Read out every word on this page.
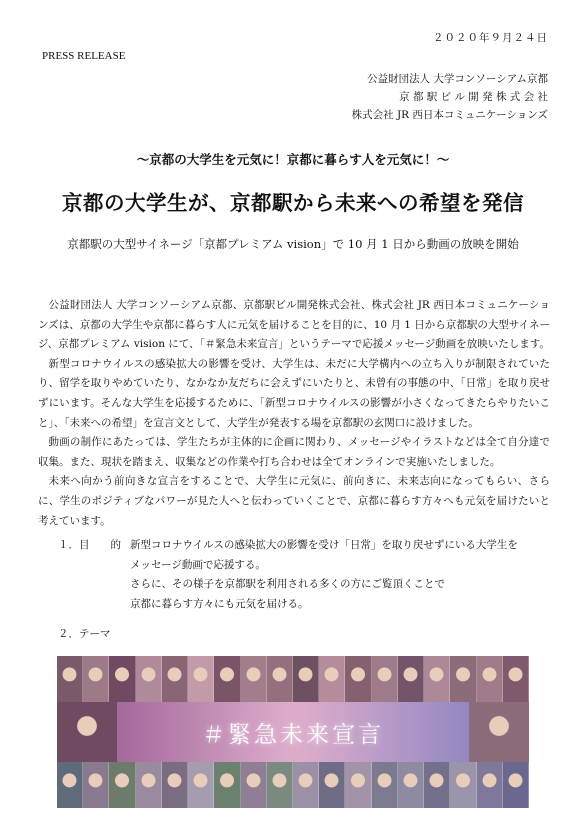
２０２０年９月２４日
PRESS RELEASE
公益財団法人 大学コンソーシアム京都
京 都 駅 ビ ル 開 発 株 式 会 社
株式会社 JR 西日本コミュニケーションズ
～京都の大学生を元気に！京都に暮らす人を元気に！～
京都の大学生が、京都駅から未来への希望を発信
京都駅の大型サイネージ「京都プレミアム vision」で 10 月 1 日から動画の放映を開始

公益財団法人 大学コンソーシアム京都、京都駅ビル開発株式会社、株式会社 JR 西日本コミュニケーションズは、京都の大学生や京都に暮らす人に元気を届けることを目的に、10 月 1 日から京都駅の大型サイネージ、京都プレミアム vision にて、「＃緊急未来宣言」というテーマで応援メッセージ動画を放映いたします。

新型コロナウイルスの感染拡大の影響を受け、大学生は、未だに大学構内への立ち入りが制限されていたり、留学を取りやめていたり、なかなか友だちに会えずにいたりと、未曾有の事態の中、「日常」を取り戻せずにいます。そんな大学生を応援するために、「新型コロナウイルスの影響が小さくなってきたらやりたいこと」、「未来への希望」を宣言文として、大学生が発表する場を京都駅の玄関口に設けました。

動画の制作にあたっては、学生たちが主体的に企画に関わり、メッセージやイラストなどは全て自分達で収集。また、現状を踏まえ、収集などの作業や打ち合わせは全てオンラインで実施いたしました。

未来へ向かう前向きな宣言をすることで、大学生に元気に、前向きに、未来志向になってもらい、さらに、学生のポジティブなパワーが見た人へと伝わっていくことで、京都に暮らす方々へも元気を届けたいと考えています。

１．目　　的 新型コロナウイルスの感染拡大の影響を受け「日常」を取り戻せずにいる大学生を
メッセージ動画で応援する。
さらに、その様子を京都駅を利用される多くの方にご覧頂くことで
京都に暮らす方々にも元気を届ける。
２．テーマ
＃緊急未来宣言
